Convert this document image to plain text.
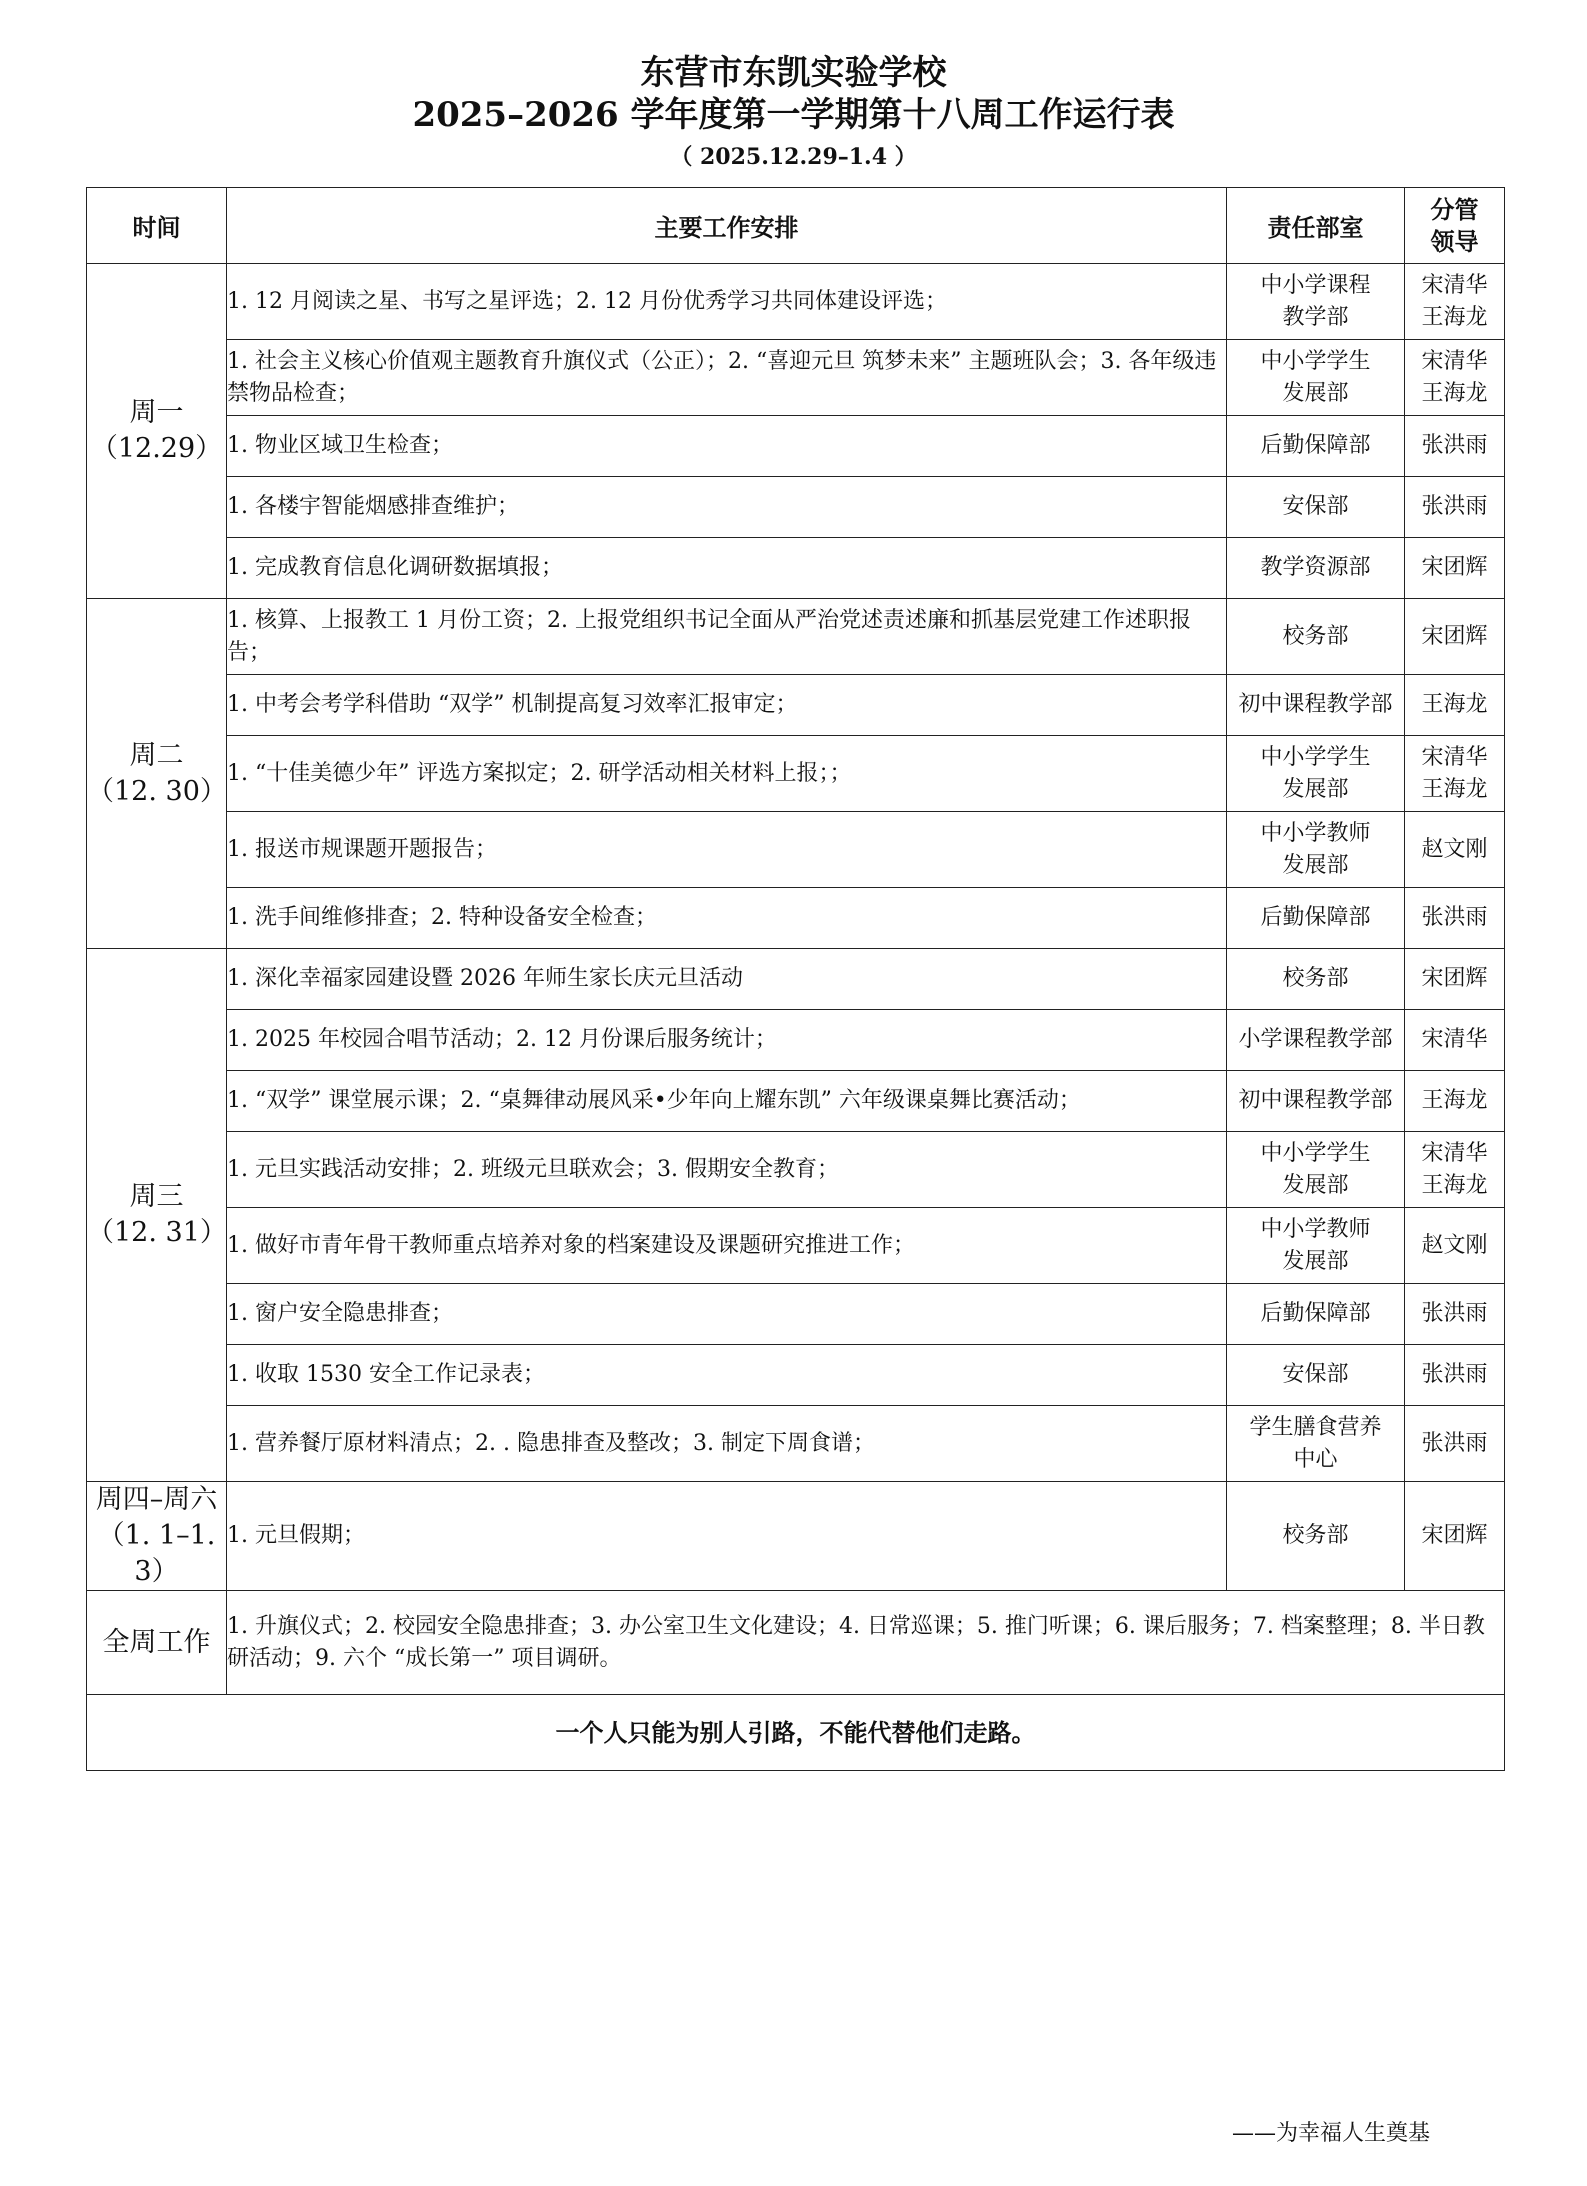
东营市东凯实验学校
2025–2026 学年度第一学期第十八周工作运行表
（ 2025.12.29–1.4 ）
时间	主要工作安排	责任部室	分管
领导

周一
（12.29）	1. 12 月阅读之星、书写之星评选；2. 12 月份优秀学习共同体建设评选；	中小学课程
教学部	宋清华
王海龙

	1. 社会主义核心价值观主题教育升旗仪式（公正）；2. “喜迎元旦 筑梦未来” 主题班队会；3. 各年级违禁物品检查；	中小学学生
发展部	宋清华
王海龙

	1. 物业区域卫生检查；	后勤保障部	张洪雨

	1. 各楼宇智能烟感排查维护；	安保部	张洪雨

	1. 完成教育信息化调研数据填报；	教学资源部	宋团辉

周二
（12. 30）	1. 核算、上报教工 1 月份工资；2. 上报党组织书记全面从严治党述责述廉和抓基层党建工作述职报告；	校务部	宋团辉

	1. 中考会考学科借助 “双学” 机制提高复习效率汇报审定；	初中课程教学部	王海龙

	1. “十佳美德少年” 评选方案拟定；2. 研学活动相关材料上报；；	中小学学生
发展部	宋清华
王海龙

	1. 报送市规课题开题报告；	中小学教师
发展部	赵文刚

	1. 洗手间维修排查；2. 特种设备安全检查；	后勤保障部	张洪雨

周三
（12. 31）	1. 深化幸福家园建设暨 2026 年师生家长庆元旦活动	校务部	宋团辉

	1. 2025 年校园合唱节活动；2. 12 月份课后服务统计；	小学课程教学部	宋清华

	1. “双学” 课堂展示课；2. “桌舞律动展风采•少年向上耀东凯” 六年级课桌舞比赛活动；	初中课程教学部	王海龙

	1. 元旦实践活动安排；2. 班级元旦联欢会；3. 假期安全教育；	中小学学生
发展部	宋清华
王海龙

	1. 做好市青年骨干教师重点培养对象的档案建设及课题研究推进工作；	中小学教师
发展部	赵文刚

	1. 窗户安全隐患排查；	后勤保障部	张洪雨

	1. 收取 1530 安全工作记录表；	安保部	张洪雨

	1. 营养餐厅原材料清点；2. . 隐患排查及整改；3. 制定下周食谱；	学生膳食营养
中心	张洪雨

周四–周六
（1. 1–1. 3）	1. 元旦假期；	校务部	宋团辉

全周工作	1. 升旗仪式；2. 校园安全隐患排查；3. 办公室卫生文化建设；4. 日常巡课；5. 推门听课；6. 课后服务；7. 档案整理；8. 半日教研活动；9. 六个 “成长第一” 项目调研。		
一个人只能为别人引路，不能代替他们走路。			
——为幸福人生奠基
